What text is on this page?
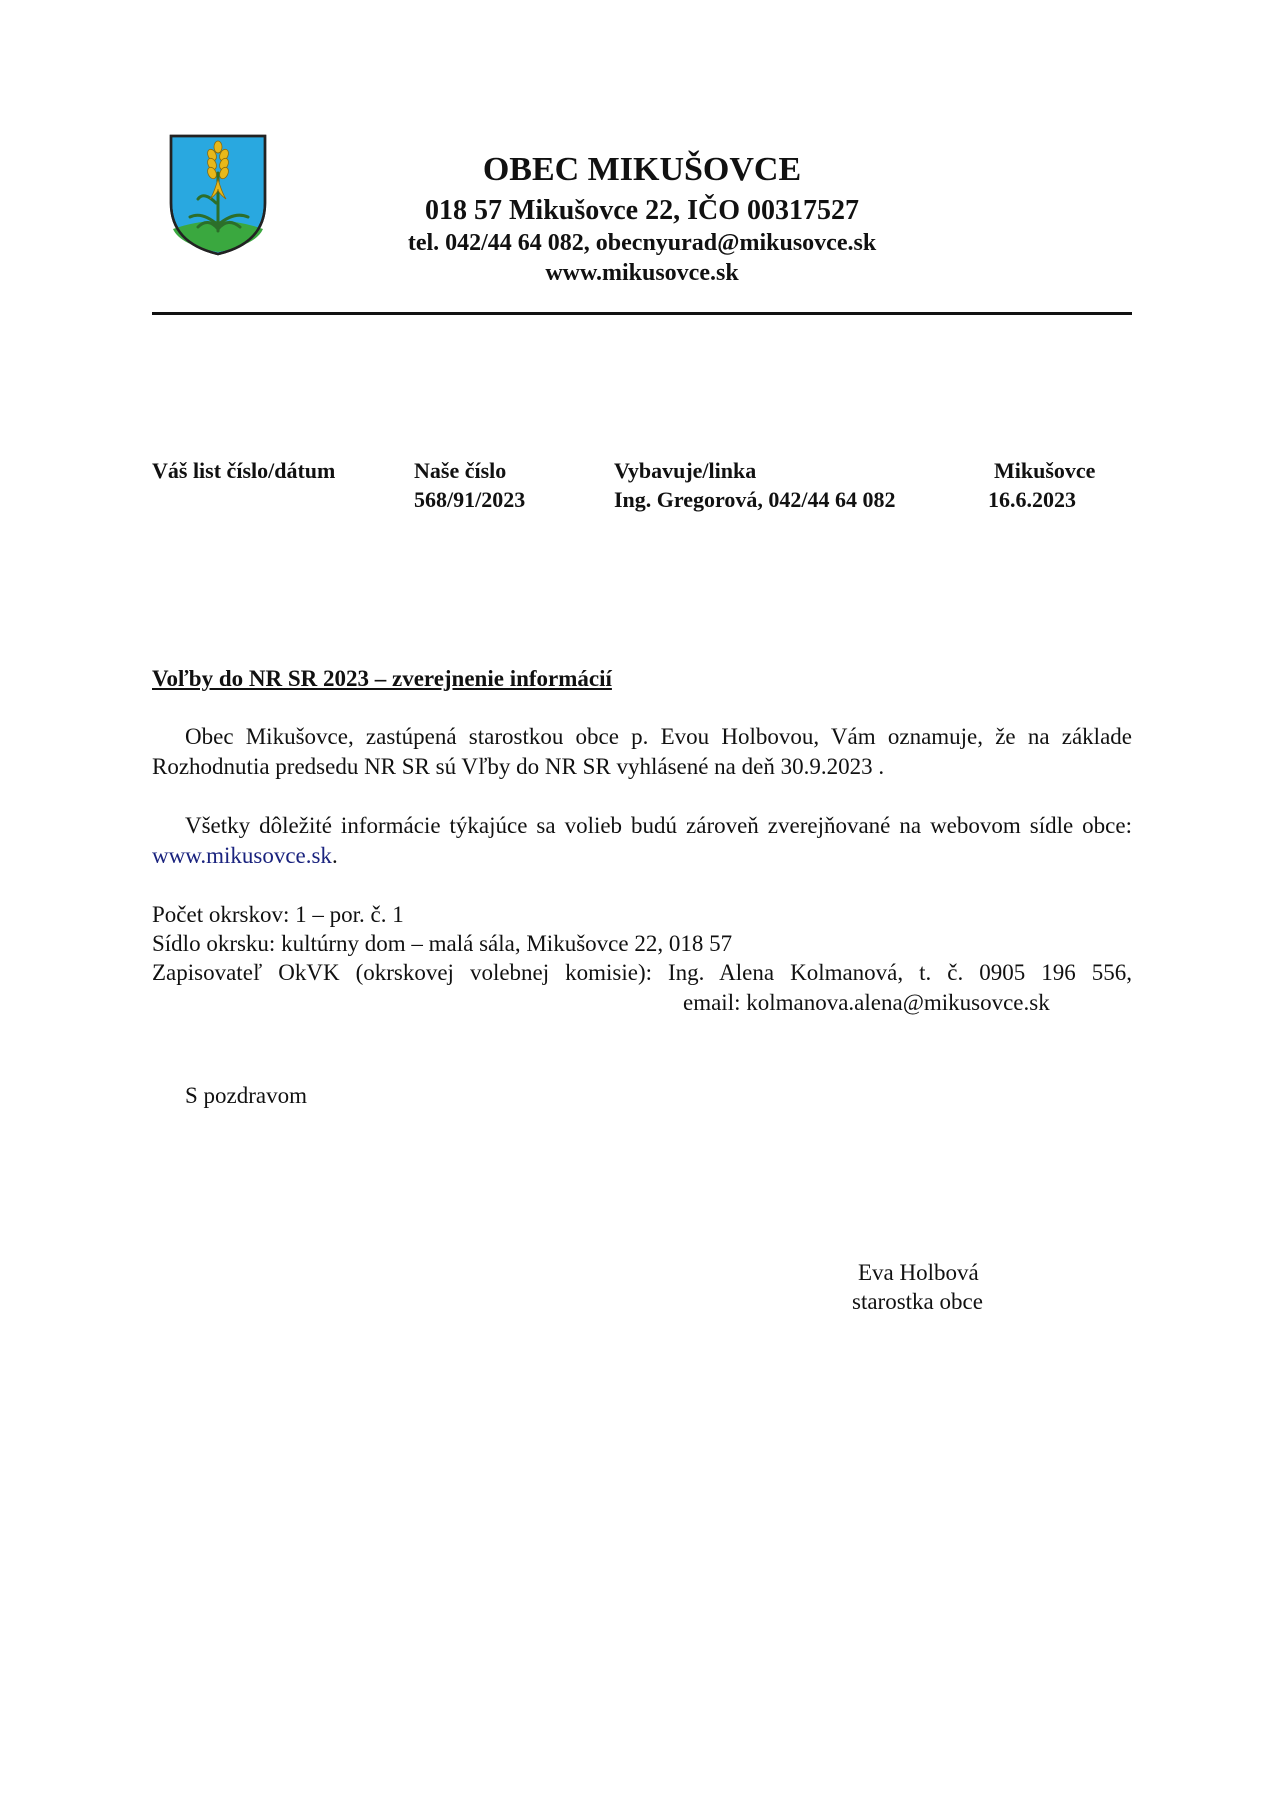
OBEC MIKUŠOVCE
018 57 Mikušovce 22, IČO 00317527
tel. 042/44 64 082, obecnyurad@mikusovce.sk
www.mikusovce.sk
Váš list číslo/dátum	Naše číslo
568/91/2023
Vybavuje/linka
Ing. Gregorová, 042/44 64 082
Mikušovce
16.6.2023
Voľby do NR SR 2023 – zverejnenie informácií
Obec Mikušovce, zastúpená starostkou obce p. Evou Holbovou, Vám oznamuje, že na základe Rozhodnutia predsedu NR SR sú Vľby do NR SR vyhlásené na deň 30.9.2023 .
Všetky dôležité informácie týkajúce sa volieb budú zároveň zverejňované na webovom sídle obce: www.mikusovce.sk.
Počet okrskov: 1 – por. č. 1
Sídlo okrsku: kultúrny dom – malá sála, Mikušovce 22, 018 57
Zapisovateľ OkVK (okrskovej volebnej komisie): Ing. Alena Kolmanová, t. č. 0905 196 556,
email: kolmanova.alena@mikusovce.sk
S pozdravom
Eva Holbová
starostka obce
